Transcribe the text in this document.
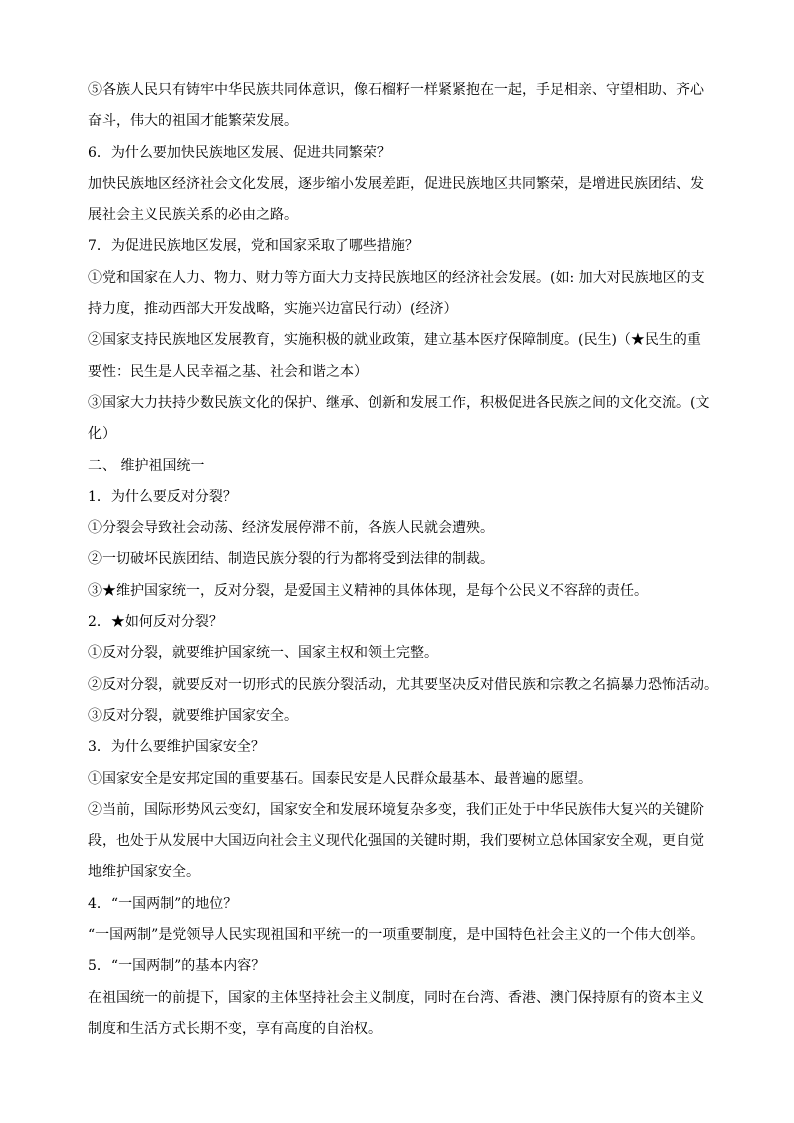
⑤各族人民只有铸牢中华民族共同体意识，像石榴籽一样紧紧抱在一起，手足相亲、守望相助、齐心
奋斗，伟大的祖国才能繁荣发展。
6．为什么要加快民族地区发展、促进共同繁荣？
加快民族地区经济社会文化发展，逐步缩小发展差距，促进民族地区共同繁荣，是增进民族团结、发
展社会主义民族关系的必由之路。
7．为促进民族地区发展，党和国家采取了哪些措施？
①党和国家在人力、物力、财力等方面大力支持民族地区的经济社会发展。(如: 加大对民族地区的支
持力度，推动西部大开发战略，实施兴边富民行动）(经济）
②国家支持民族地区发展教育，实施积极的就业政策，建立基本医疗保障制度。(民生)（★民生的重
要性：民生是人民幸福之基、社会和谐之本）
③国家大力扶持少数民族文化的保护、继承、创新和发展工作，积极促进各民族之间的文化交流。(文
化）
二、 维护祖国统一
1．为什么要反对分裂？
①分裂会导致社会动荡、经济发展停滞不前，各族人民就会遭殃。
②一切破坏民族团结、制造民族分裂的行为都将受到法律的制裁。
③★维护国家统一，反对分裂，是爱国主义精神的具体体现，是每个公民义不容辞的责任。
2．★如何反对分裂？
①反对分裂，就要维护国家统一、国家主权和领土完整。
②反对分裂，就要反对一切形式的民族分裂活动，尤其要坚决反对借民族和宗教之名搞暴力恐怖活动。
③反对分裂，就要维护国家安全。
3．为什么要维护国家安全？
①国家安全是安邦定国的重要基石。国泰民安是人民群众最基本、最普遍的愿望。
②当前，国际形势风云变幻，国家安全和发展环境复杂多变，我们正处于中华民族伟大复兴的关键阶
段，也处于从发展中大国迈向社会主义现代化强国的关键时期，我们要树立总体国家安全观，更自觉
地维护国家安全。
4．“一国两制”的地位？
“一国两制”是党领导人民实现祖国和平统一的一项重要制度，是中国特色社会主义的一个伟大创举。
5．“一国两制”的基本内容？
在祖国统一的前提下，国家的主体坚持社会主义制度，同时在台湾、香港、澳门保持原有的资本主义
制度和生活方式长期不变，享有高度的自治权。
